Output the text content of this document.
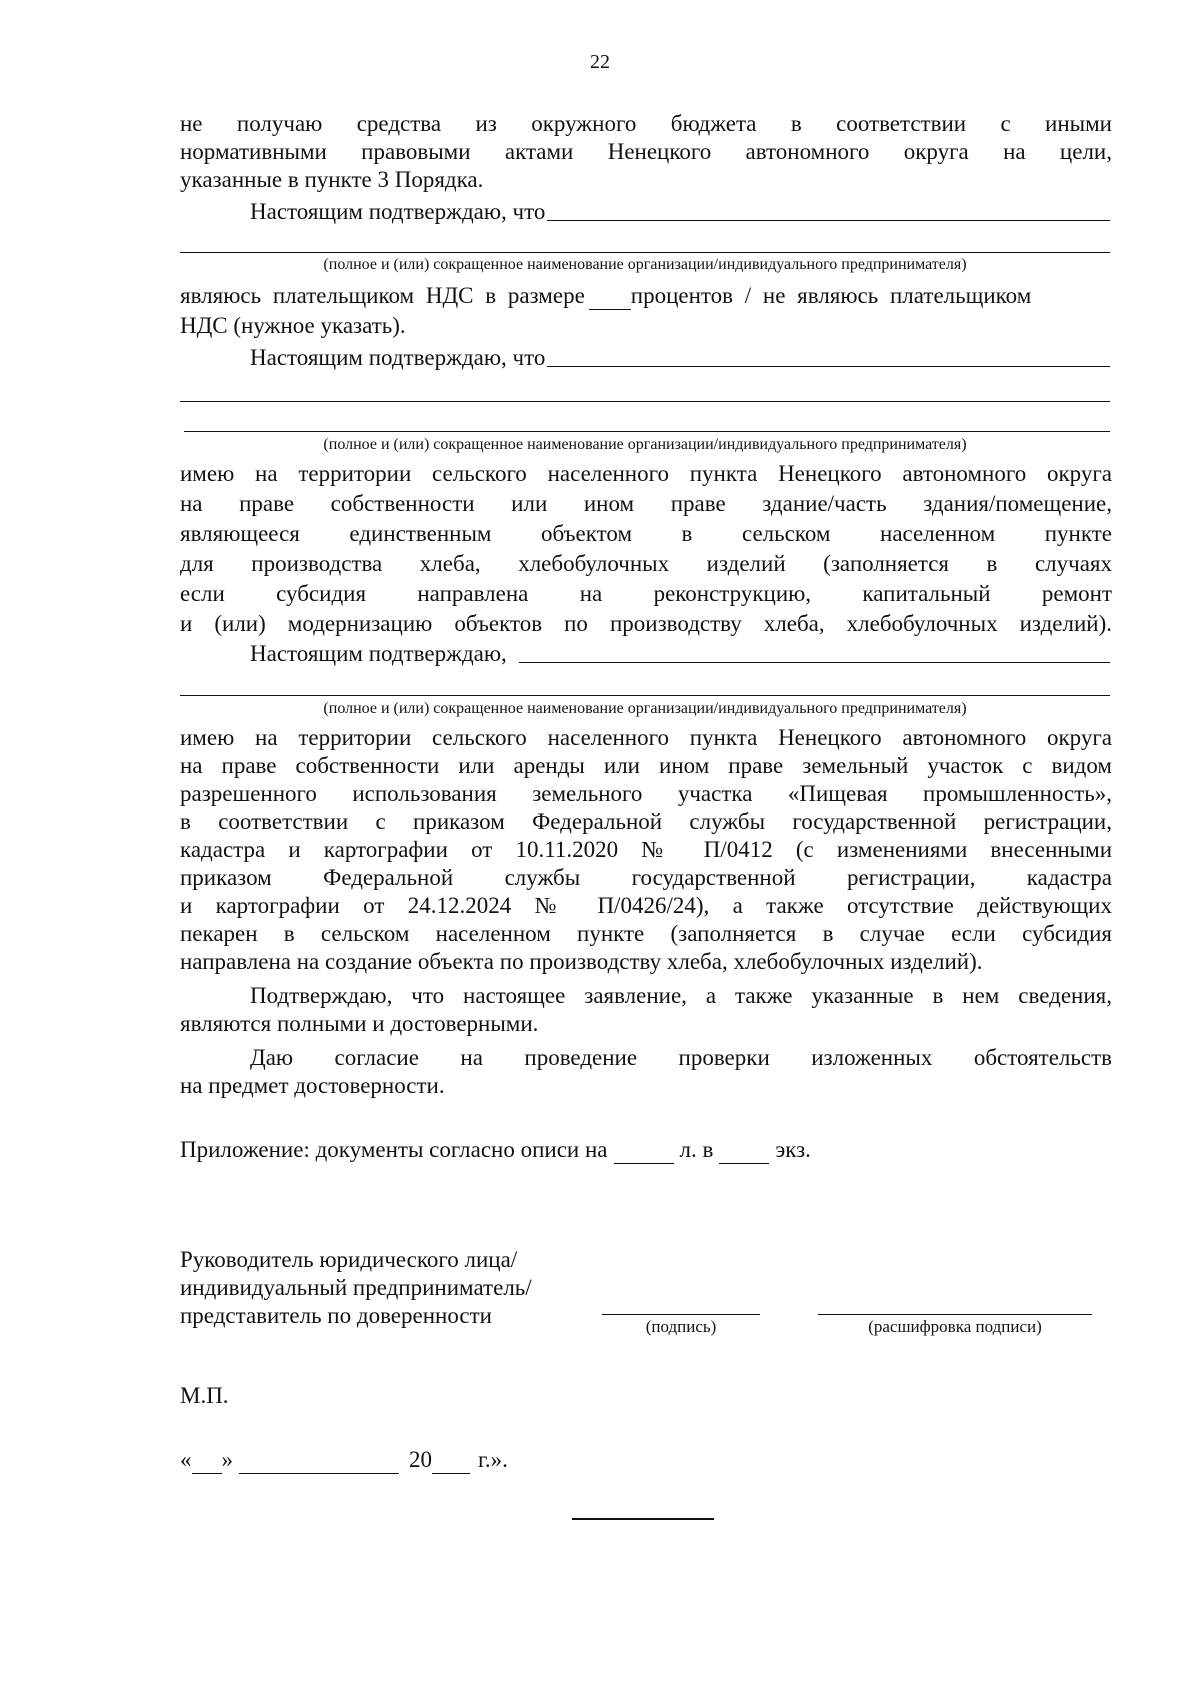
22
не получаю средства из окружного бюджета в соответствии с иными
нормативными правовыми актами Ненецкого автономного округа на цели,
указанные в пункте 3 Порядка.
Настоящим подтверждаю, что
(полное и (или) сокращенное наименование организации/индивидуального предпринимателя)
являюсь плательщиком НДС в размере процентов / не являюсь плательщиком
НДС (нужное указать).
Настоящим подтверждаю, что
(полное и (или) сокращенное наименование организации/индивидуального предпринимателя)
имею на территории сельского населенного пункта Ненецкого автономного округа
на праве собственности или ином праве здание/часть здания/помещение,
являющееся единственным объектом в сельском населенном пункте
для производства хлеба, хлебобулочных изделий (заполняется в случаях
если субсидия направлена на реконструкцию, капитальный ремонт
и (или) модернизацию объектов по производству хлеба, хлебобулочных изделий).
Настоящим подтверждаю,
(полное и (или) сокращенное наименование организации/индивидуального предпринимателя)
имею на территории сельского населенного пункта Ненецкого автономного округа
на праве собственности или аренды или ином праве земельный участок с видом
разрешенного использования земельного участка «Пищевая промышленность»,
в соответствии с приказом Федеральной службы государственной регистрации,
кадастра и картографии от 10.11.2020 № П/0412 (с изменениями внесенными
приказом Федеральной службы государственной регистрации, кадастра
и картографии от 24.12.2024 № П/0426/24), а также отсутствие действующих
пекарен в сельском населенном пункте (заполняется в случае если субсидия
направлена на создание объекта по производству хлеба, хлебобулочных изделий).
Подтверждаю, что настоящее заявление, а также указанные в нем сведения,
являются полными и достоверными.
Даю согласие на проведение проверки изложенных обстоятельств
на предмет достоверности.
Приложение: документы согласно описи на	л. в	экз.
Руководитель юридического лица/
индивидуальный предприниматель/
представитель по доверенности	(подпись)	(расшифровка подписи)
М.П.
« »	20 г.».
